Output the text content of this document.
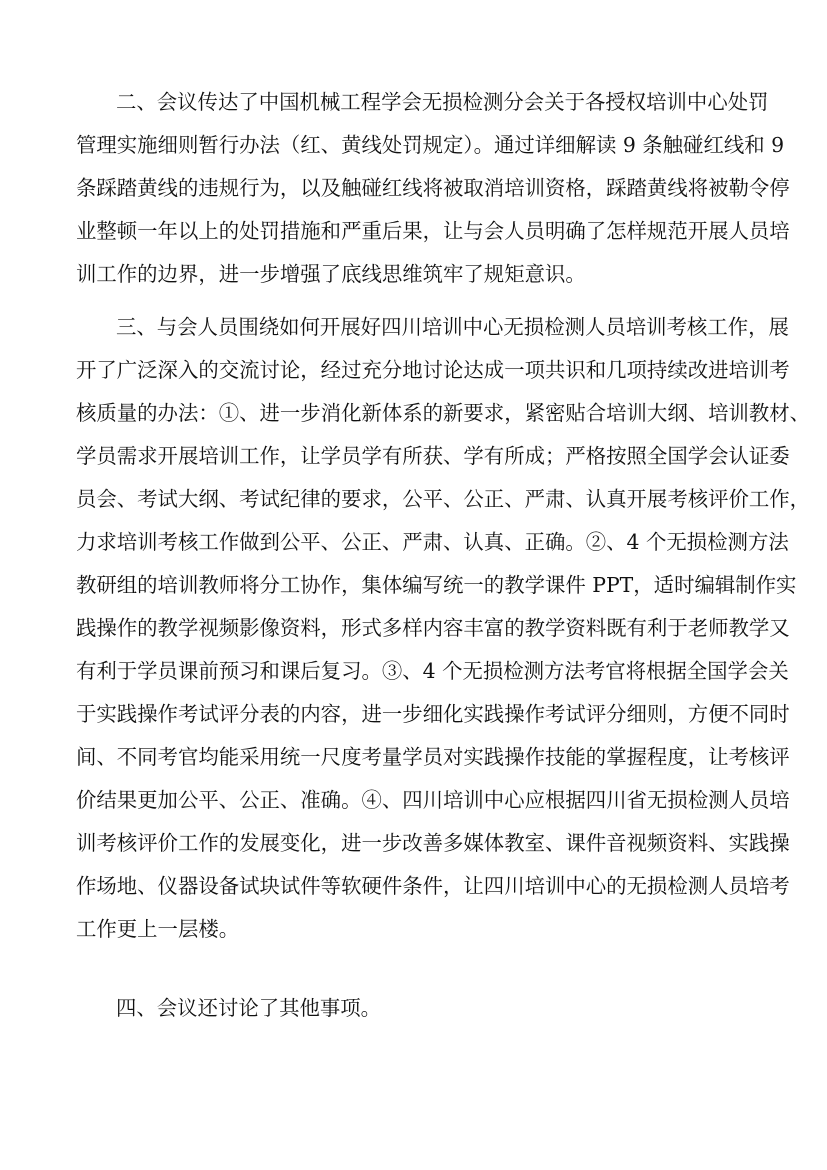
二、会议传达了中国机械工程学会无损检测分会关于各授权培训中心处罚
管理实施细则暂行办法（红、黄线处罚规定）。通过详细解读 9 条触碰红线和 9
条踩踏黄线的违规行为，以及触碰红线将被取消培训资格，踩踏黄线将被勒令停
业整顿一年以上的处罚措施和严重后果，让与会人员明确了怎样规范开展人员培
训工作的边界，进一步增强了底线思维筑牢了规矩意识。
三、与会人员围绕如何开展好四川培训中心无损检测人员培训考核工作，展
开了广泛深入的交流讨论，经过充分地讨论达成一项共识和几项持续改进培训考
核质量的办法：①、进一步消化新体系的新要求，紧密贴合培训大纲、培训教材、
学员需求开展培训工作，让学员学有所获、学有所成；严格按照全国学会认证委
员会、考试大纲、考试纪律的要求，公平、公正、严肃、认真开展考核评价工作，
力求培训考核工作做到公平、公正、严肃、认真、正确。②、4 个无损检测方法
教研组的培训教师将分工协作，集体编写统一的教学课件 PPT，适时编辑制作实
践操作的教学视频影像资料，形式多样内容丰富的教学资料既有利于老师教学又
有利于学员课前预习和课后复习。③、4 个无损检测方法考官将根据全国学会关
于实践操作考试评分表的内容，进一步细化实践操作考试评分细则，方便不同时
间、不同考官均能采用统一尺度考量学员对实践操作技能的掌握程度，让考核评
价结果更加公平、公正、准确。④、四川培训中心应根据四川省无损检测人员培
训考核评价工作的发展变化，进一步改善多媒体教室、课件音视频资料、实践操
作场地、仪器设备试块试件等软硬件条件，让四川培训中心的无损检测人员培考
工作更上一层楼。
四、会议还讨论了其他事项。
